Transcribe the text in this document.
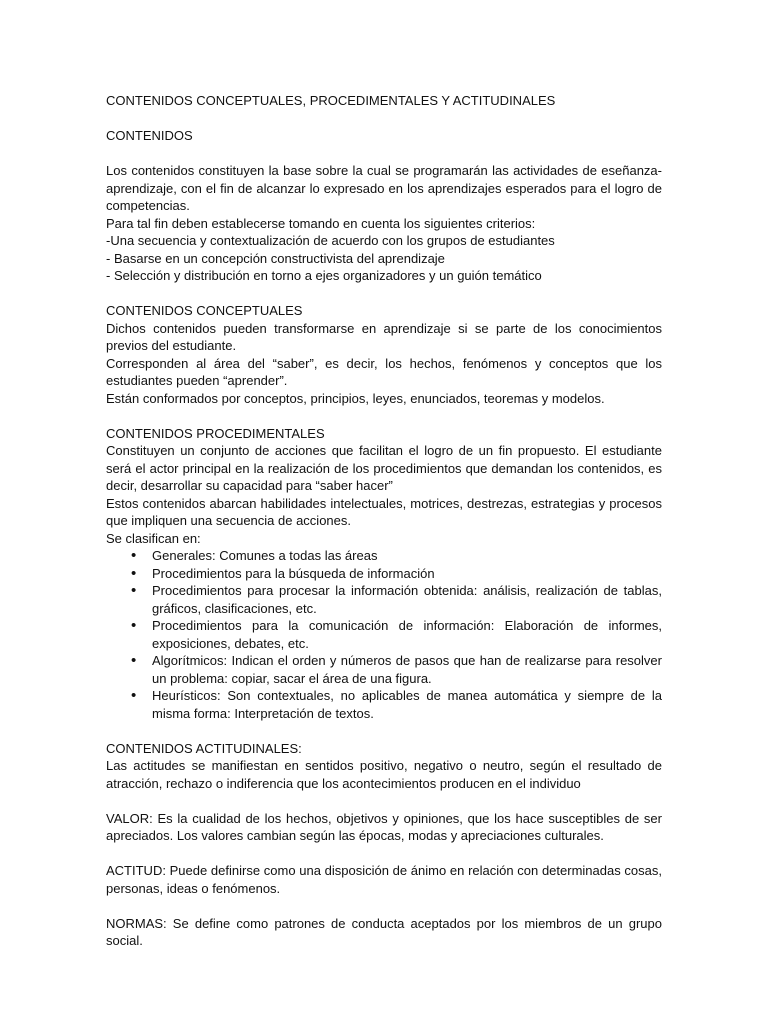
CONTENIDOS CONCEPTUALES, PROCEDIMENTALES Y ACTITUDINALES

CONTENIDOS

Los contenidos constituyen la base sobre la cual se programarán las actividades de eseñanza-aprendizaje, con el fin de alcanzar lo expresado en los aprendizajes esperados para el logro de competencias.

Para tal fin deben establecerse tomando en cuenta los siguientes criterios:

-Una secuencia y contextualización de acuerdo con los grupos de estudiantes

- Basarse en un concepción constructivista del aprendizaje

- Selección y distribución en torno a ejes organizadores y un guión temático

CONTENIDOS CONCEPTUALES

Dichos contenidos pueden transformarse en aprendizaje si se parte de los conocimientos previos del estudiante.

Corresponden al área del “saber”, es decir, los hechos, fenómenos y conceptos que los estudiantes pueden “aprender”.

Están conformados por conceptos, principios, leyes, enunciados, teoremas y modelos.

CONTENIDOS PROCEDIMENTALES

Constituyen un conjunto de acciones que facilitan el logro de un fin propuesto. El estudiante será el actor principal en la realización de los procedimientos que demandan los contenidos, es decir, desarrollar su capacidad para “saber hacer”

Estos contenidos abarcan habilidades intelectuales, motrices, destrezas, estrategias y procesos que impliquen una secuencia de acciones.

Se clasifican en:

• Generales: Comunes a todas las áreas
• Procedimientos para la búsqueda de información
• Procedimientos para procesar la información obtenida: análisis, realización de tablas, gráficos, clasificaciones, etc.
• Procedimientos para la comunicación de información: Elaboración de informes, exposiciones, debates, etc.
• Algorítmicos: Indican el orden y números de pasos que han de realizarse para resolver un problema: copiar, sacar el área de una figura.
• Heurísticos: Son contextuales, no aplicables de manea automática y siempre de la misma forma: Interpretación de textos.

CONTENIDOS ACTITUDINALES:

Las actitudes se manifiestan en sentidos positivo, negativo o neutro, según el resultado de atracción, rechazo o indiferencia que los acontecimientos producen en el individuo

VALOR: Es la cualidad de los hechos, objetivos y opiniones, que los hace susceptibles de ser apreciados. Los valores cambian según las épocas, modas y apreciaciones culturales.

ACTITUD: Puede definirse como una disposición de ánimo en relación con determinadas cosas, personas, ideas o fenómenos.

NORMAS: Se define como patrones de conducta aceptados por los miembros de un grupo social.
